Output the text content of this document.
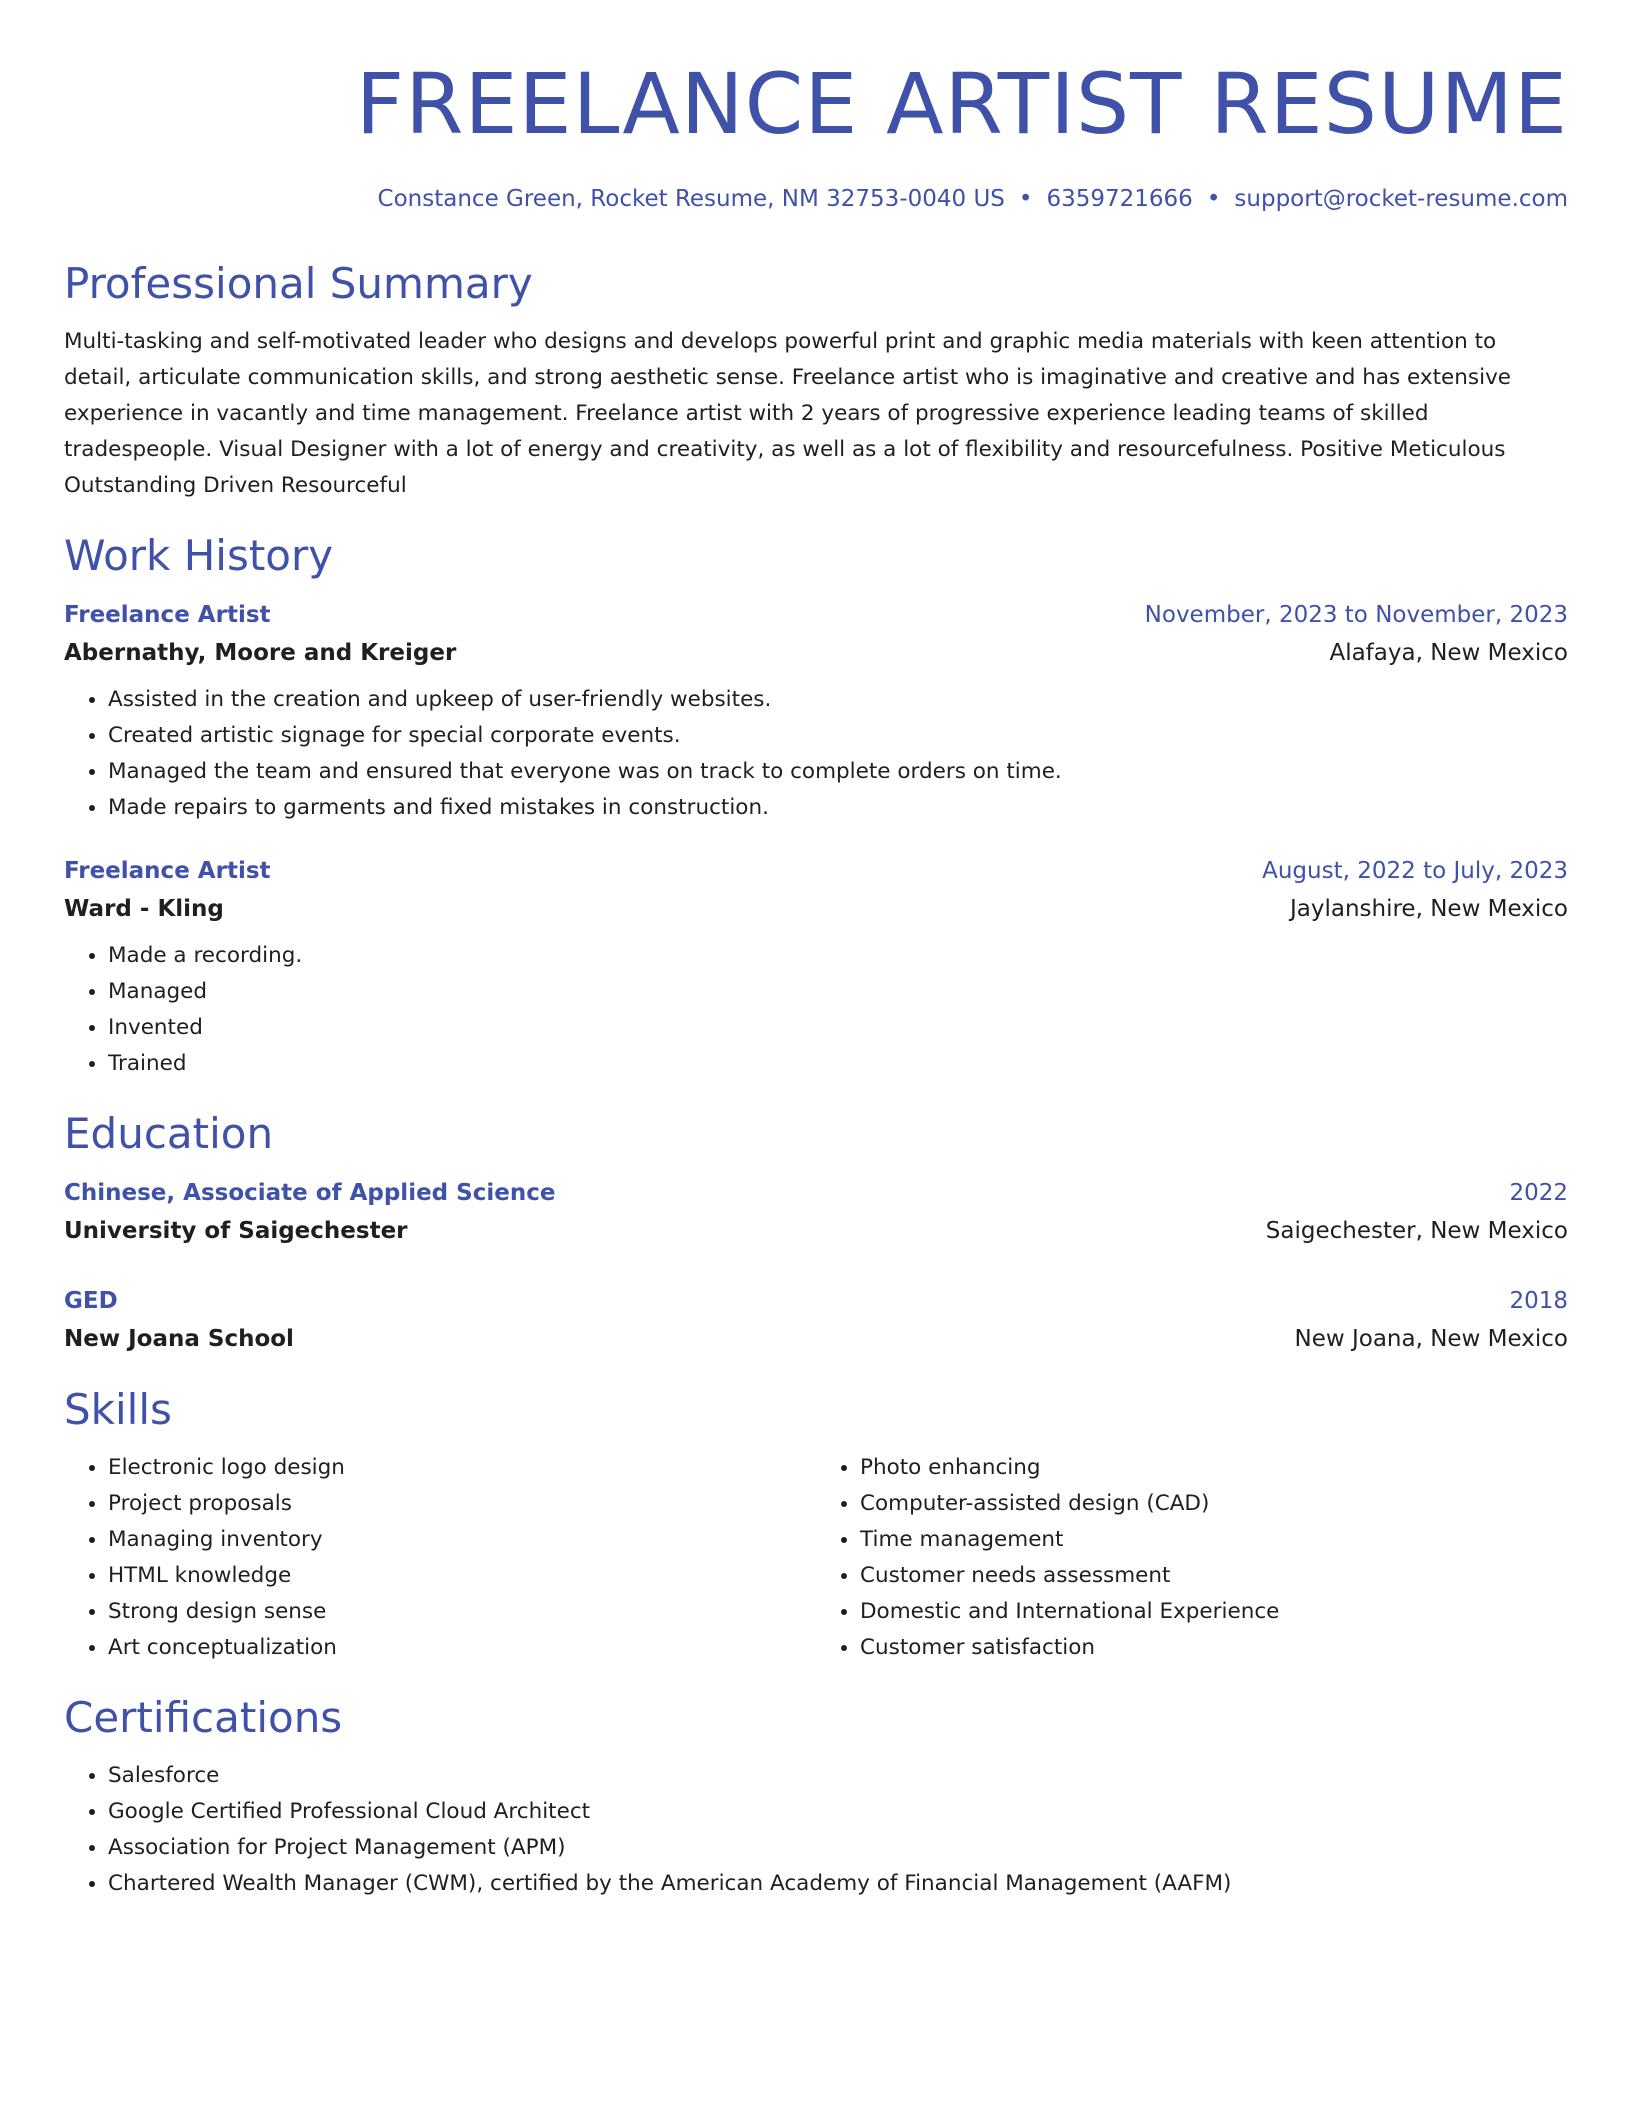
FREELANCE ARTIST RESUME
Constance Green, Rocket Resume, NM 32753-0040 US • 6359721666 • support@rocket-resume.com
Professional Summary

Multi-tasking and self-motivated leader who designs and develops powerful print and graphic media materials with keen attention to detail, articulate communication skills, and strong aesthetic sense. Freelance artist who is imaginative and creative and has extensive experience in vacantly and time management. Freelance artist with 2 years of progressive experience leading teams of skilled tradespeople. Visual Designer with a lot of energy and creativity, as well as a lot of flexibility and resourcefulness. Positive Meticulous Outstanding Driven Resourceful

Work History
Freelance Artist	November, 2023 to November, 2023
Abernathy, Moore and Kreiger	Alafaya, New Mexico
• Assisted in the creation and upkeep of user-friendly websites.
• Created artistic signage for special corporate events.
• Managed the team and ensured that everyone was on track to complete orders on time.
• Made repairs to garments and fixed mistakes in construction.
Freelance Artist	August, 2022 to July, 2023
Ward - Kling	Jaylanshire, New Mexico
• Made a recording.
• Managed
• Invented
• Trained
Education
Chinese, Associate of Applied Science	2022
University of Saigechester	Saigechester, New Mexico
GED	2018
New Joana School	New Joana, New Mexico
Skills
• Electronic logo design
• Project proposals
• Managing inventory
• HTML knowledge
• Strong design sense
• Art conceptualization
• Photo enhancing
• Computer-assisted design (CAD)
• Time management
• Customer needs assessment
• Domestic and International Experience
• Customer satisfaction
Certifications
• Salesforce
• Google Certified Professional Cloud Architect
• Association for Project Management (APM)
• Chartered Wealth Manager (CWM), certified by the American Academy of Financial Management (AAFM)
